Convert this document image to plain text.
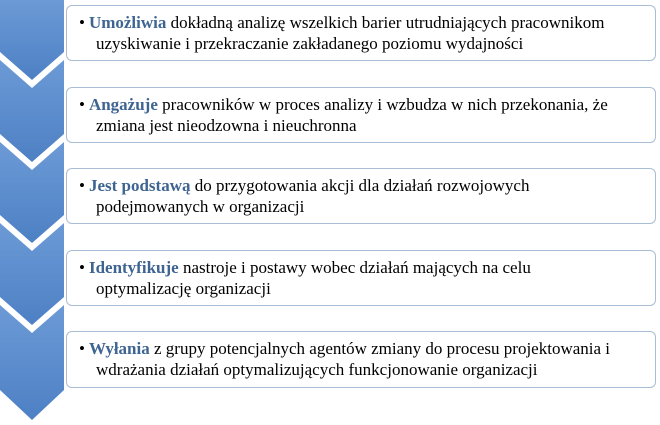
• Umożliwia dokładną analizę wszelkich barier utrudniających pracownikom
uzyskiwanie i przekraczanie zakładanego poziomu wydajności
• Angażuje pracowników w proces analizy i wzbudza w nich przekonania, że
zmiana jest nieodzowna i nieuchronna
• Jest podstawą do przygotowania akcji dla działań rozwojowych
podejmowanych w organizacji
• Identyfikuje nastroje i postawy wobec działań mających na celu
optymalizację organizacji
• Wyłania z grupy potencjalnych agentów zmiany do procesu projektowania i
wdrażania działań optymalizujących funkcjonowanie organizacji
